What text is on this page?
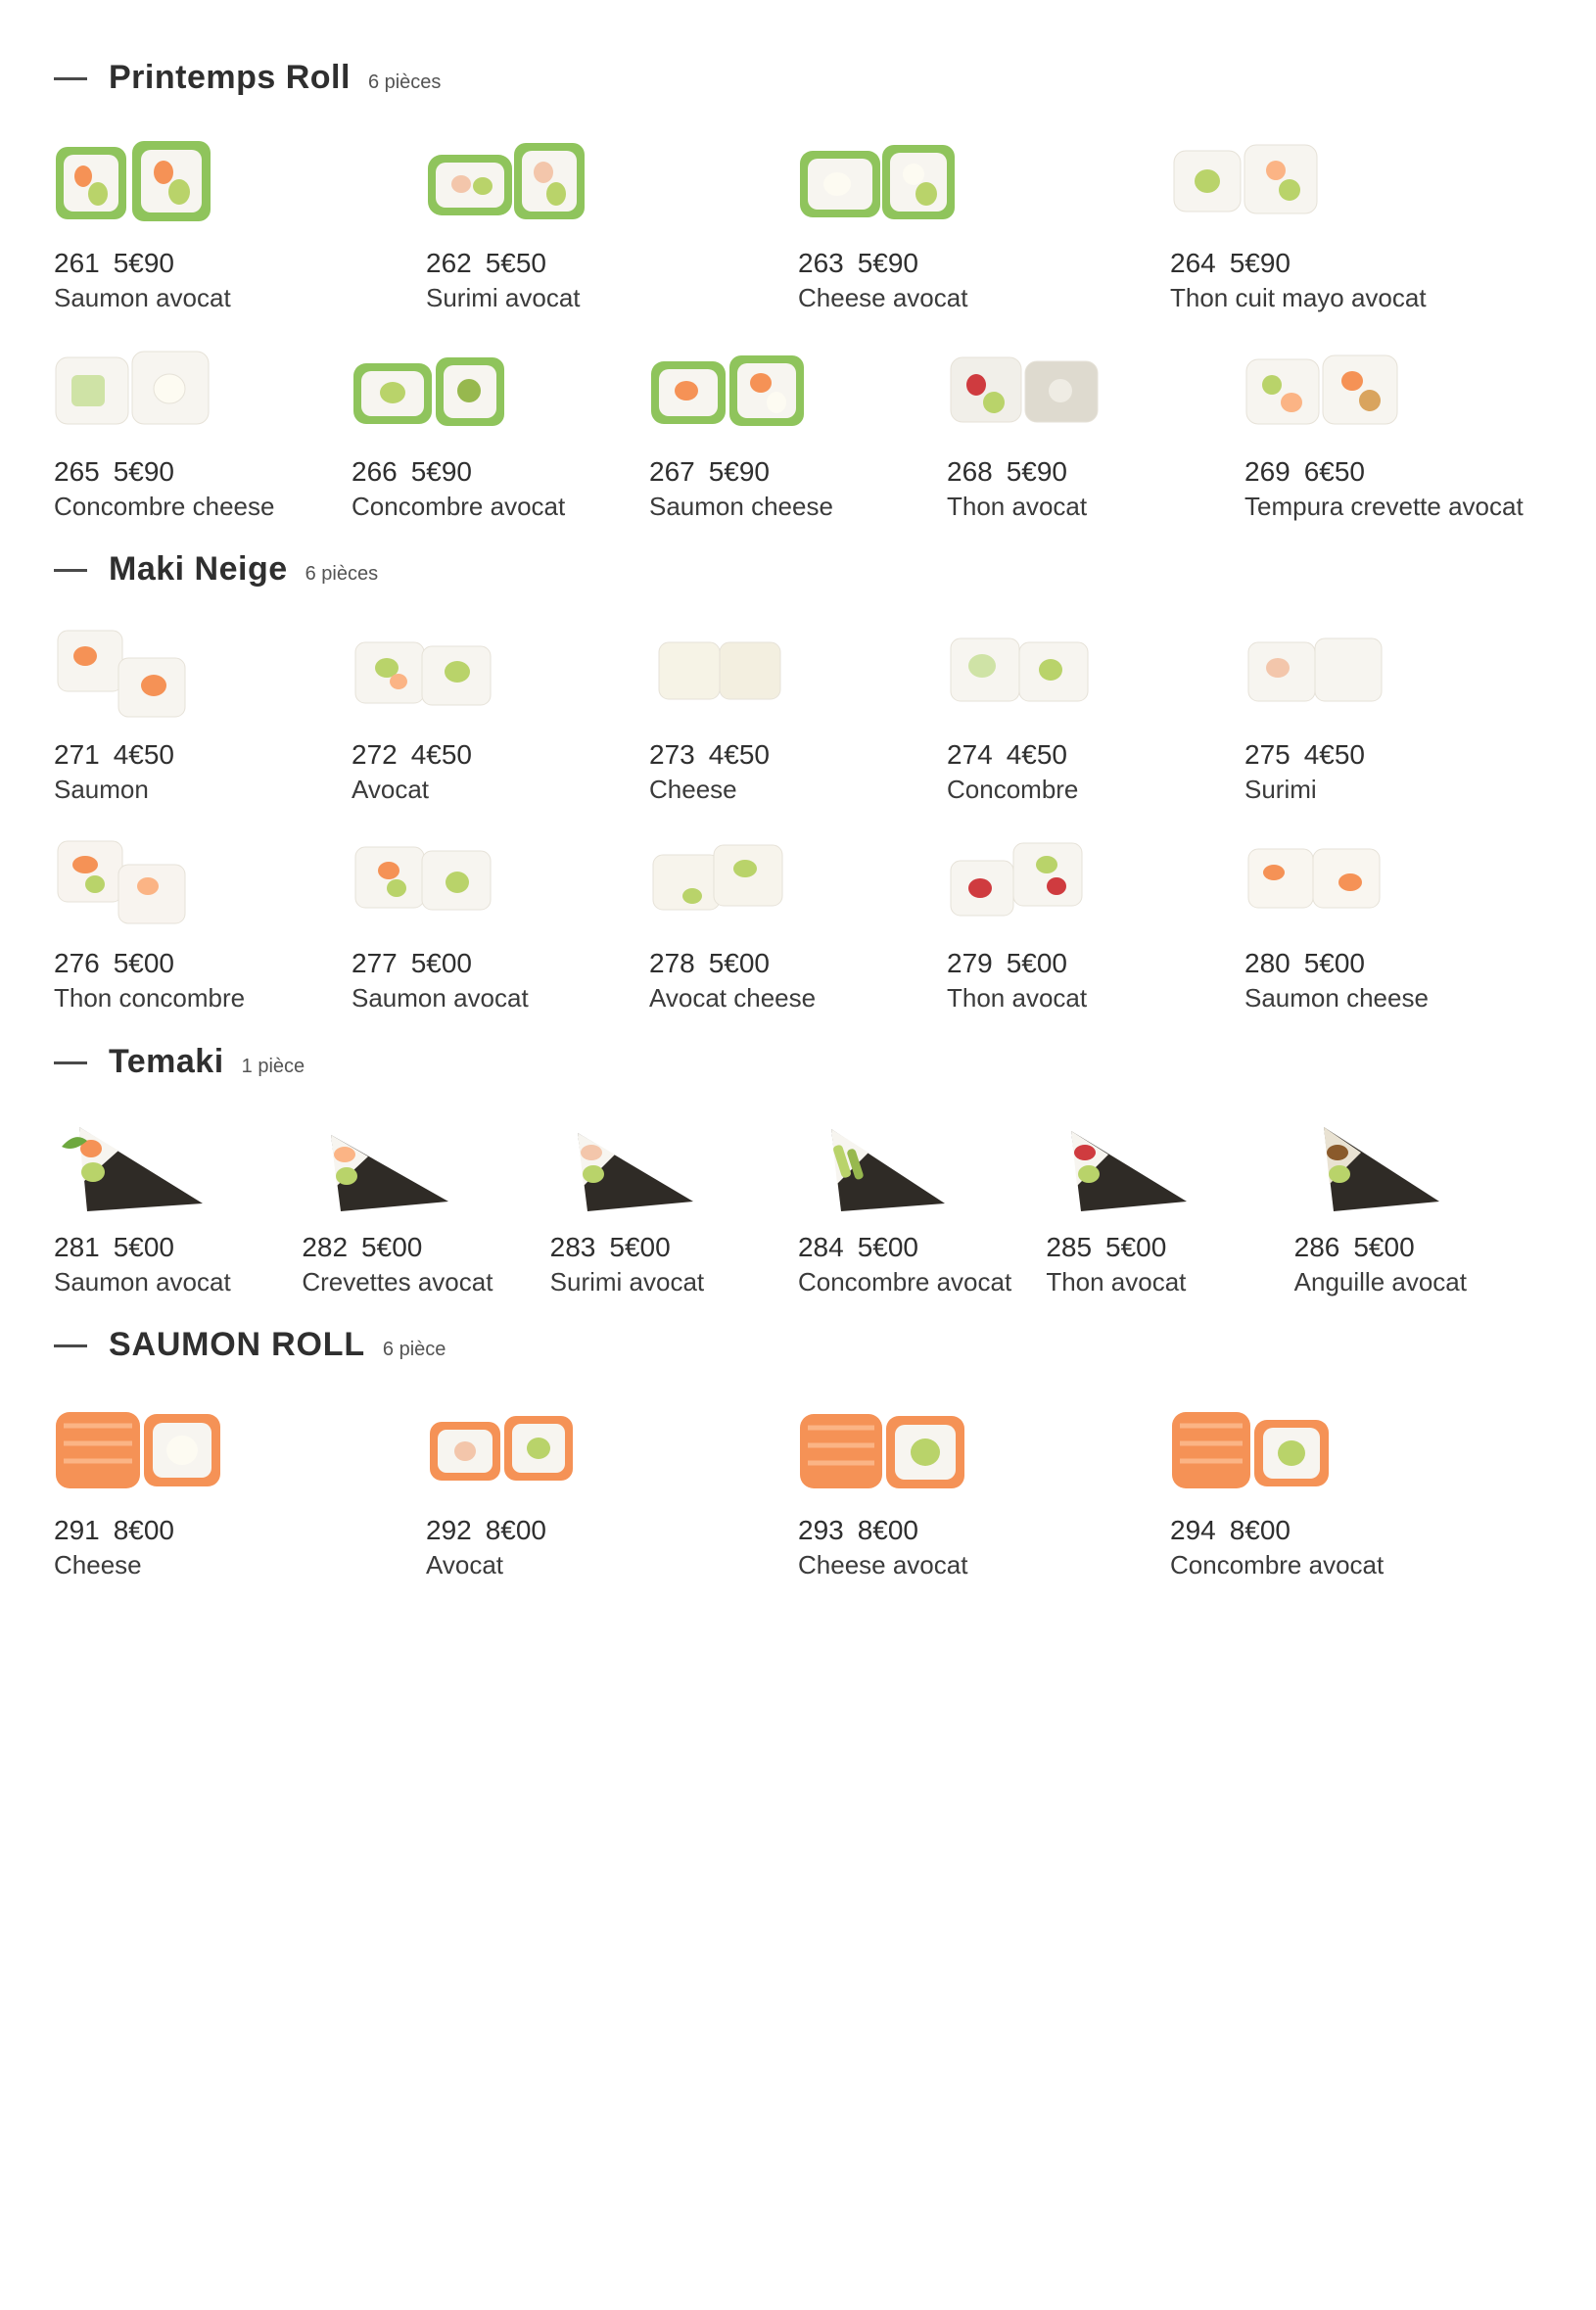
Printemps Roll 6 pièces
261 5€90
Saumon avocat
262 5€50
Surimi avocat
263 5€90
Cheese avocat
264 5€90
Thon cuit mayo avocat
265 5€90
Concombre cheese
266 5€90
Concombre avocat
267 5€90
Saumon cheese
268 5€90
Thon avocat
269 6€50
Tempura crevette avocat
Maki Neige 6 pièces
271 4€50
Saumon
272 4€50
Avocat
273 4€50
Cheese
274 4€50
Concombre
275 4€50
Surimi
276 5€00
Thon concombre
277 5€00
Saumon avocat
278 5€00
Avocat cheese
279 5€00
Thon avocat
280 5€00
Saumon cheese
Temaki 1 pièce
281 5€00
Saumon avocat
282 5€00
Crevettes avocat
283 5€00
Surimi avocat
284 5€00
Concombre avocat
285 5€00
Thon avocat
286 5€00
Anguille avocat
SAUMON ROLL 6 pièce
291 8€00
Cheese
292 8€00
Avocat
293 8€00
Cheese avocat
294 8€00
Concombre avocat
